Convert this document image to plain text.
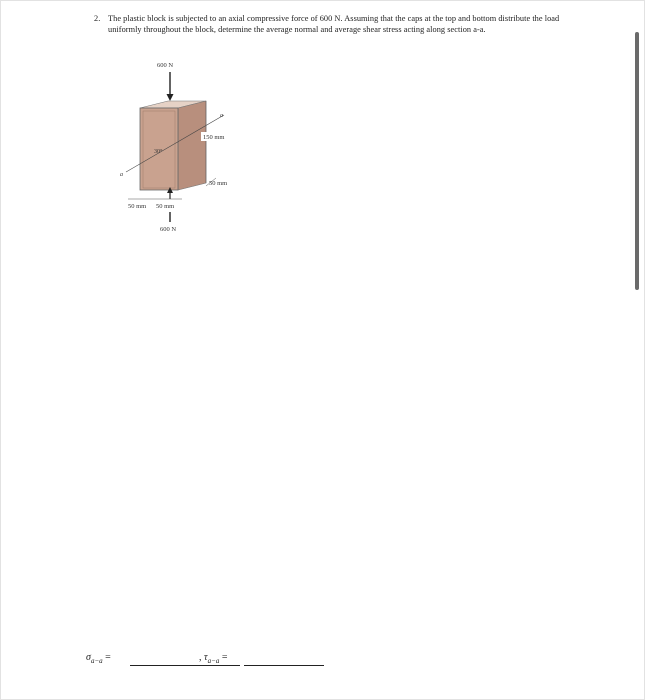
2. The plastic block is subjected to an axial compressive force of 600 N. Assuming that the caps at the top and bottom distribute the load uniformly throughout the block, determine the average normal and average shear stress acting along section a-a.
600 N
a
a
30°
150 mm
50 mm
50 mm 50 mm
600 N
$\sigma_{a-a}$ =	, $\tau_{a-a}$ =
